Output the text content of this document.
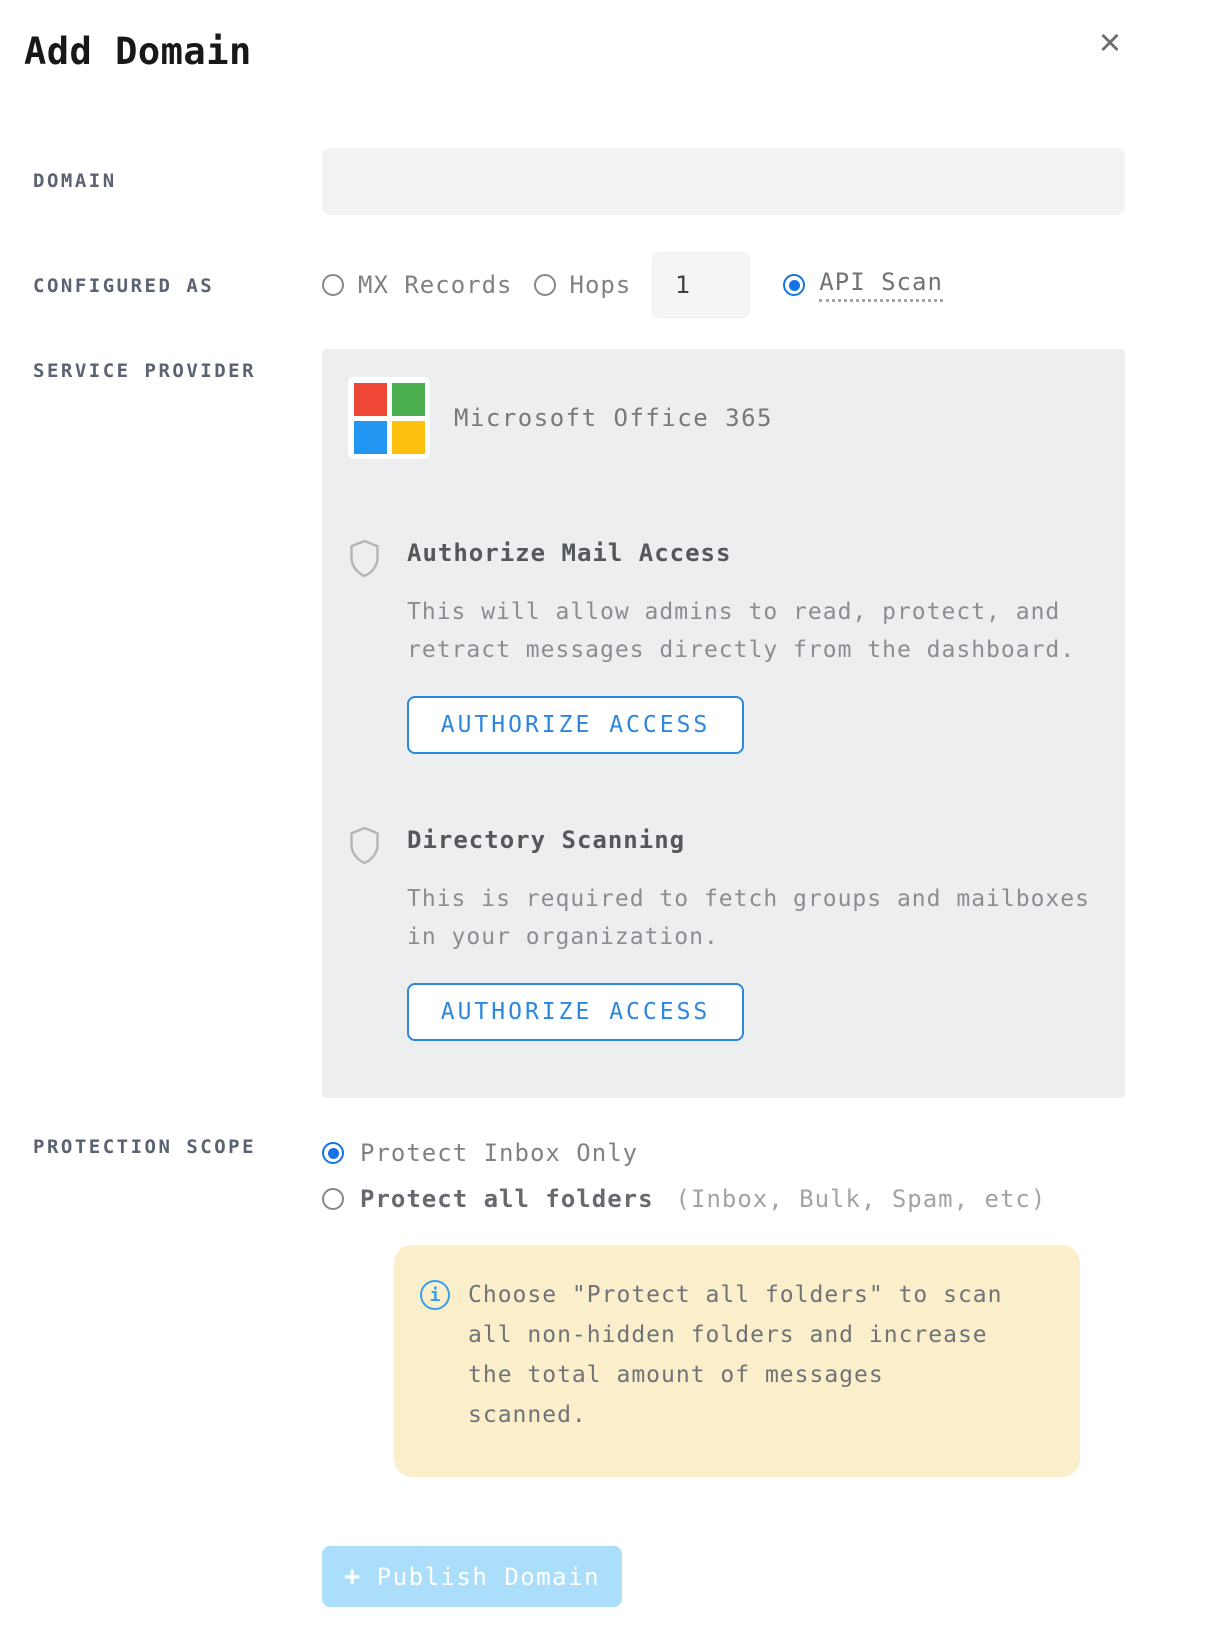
Add Domain	✕
DOMAIN
CONFIGURED AS	MX Records Hops
1	API Scan
SERVICE PROVIDER
Microsoft Office 365
Authorize Mail Access
This will allow admins to read, protect, and retract messages directly from the dashboard.
AUTHORIZE ACCESS
Directory Scanning
This is required to fetch groups and mailboxes in your organization.
AUTHORIZE ACCESS
PROTECTION SCOPE	Protect Inbox Only
Protect all folders (Inbox, Bulk, Spam, etc)
i	Choose "Protect all folders" to scan all non-hidden folders and increase the total amount of messages scanned.
+ Publish Domain
